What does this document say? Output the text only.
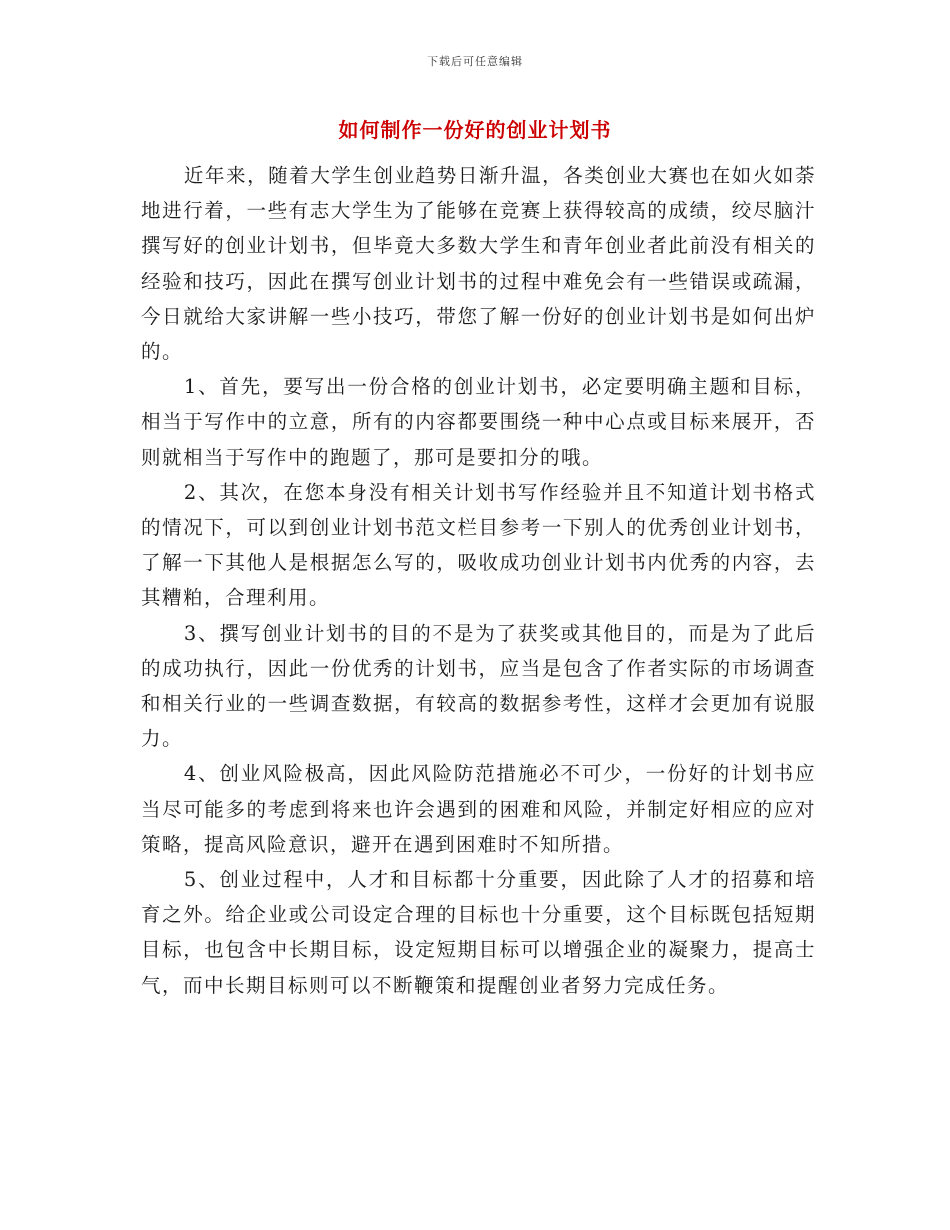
下载后可任意编辑
如何制作一份好的创业计划书

近年来，随着大学生创业趋势日渐升温，各类创业大赛也在如火如荼地进行着，一些有志大学生为了能够在竞赛上获得较高的成绩，绞尽脑汁撰写好的创业计划书，但毕竟大多数大学生和青年创业者此前没有相关的经验和技巧，因此在撰写创业计划书的过程中难免会有一些错误或疏漏，今日就给大家讲解一些小技巧，带您了解一份好的创业计划书是如何出炉的。

1、首先，要写出一份合格的创业计划书，必定要明确主题和目标，相当于写作中的立意，所有的内容都要围绕一种中心点或目标来展开，否则就相当于写作中的跑题了，那可是要扣分的哦。

2、其次，在您本身没有相关计划书写作经验并且不知道计划书格式的情况下，可以到创业计划书范文栏目参考一下别人的优秀创业计划书，了解一下其他人是根据怎么写的，吸收成功创业计划书内优秀的内容，去其糟粕，合理利用。

3、撰写创业计划书的目的不是为了获奖或其他目的，而是为了此后的成功执行，因此一份优秀的计划书，应当是包含了作者实际的市场调查和相关行业的一些调查数据，有较高的数据参考性，这样才会更加有说服力。

4、创业风险极高，因此风险防范措施必不可少，一份好的计划书应当尽可能多的考虑到将来也许会遇到的困难和风险，并制定好相应的应对策略，提高风险意识，避开在遇到困难时不知所措。

5、创业过程中，人才和目标都十分重要，因此除了人才的招募和培育之外。给企业或公司设定合理的目标也十分重要，这个目标既包括短期目标，也包含中长期目标，设定短期目标可以增强企业的凝聚力，提高士气，而中长期目标则可以不断鞭策和提醒创业者努力完成任务。
